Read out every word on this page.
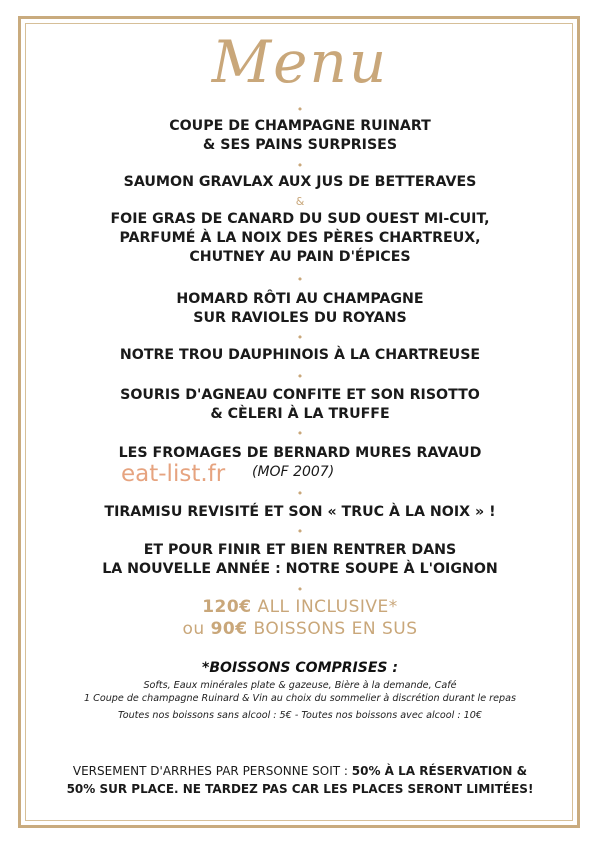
Menu
•
COUPE DE CHAMPAGNE RUINART
& SES PAINS SURPRISES
•
SAUMON GRAVLAX AUX JUS DE BETTERAVES
&
FOIE GRAS DE CANARD DU SUD OUEST MI-CUIT,
PARFUMÉ À LA NOIX DES PÈRES CHARTREUX,
CHUTNEY AU PAIN D'ÉPICES
•
HOMARD RÔTI AU CHAMPAGNE
SUR RAVIOLES DU ROYANS
•
NOTRE TROU DAUPHINOIS À LA CHARTREUSE
•
SOURIS D'AGNEAU CONFITE ET SON RISOTTO
& CÈLERI À LA TRUFFE
•
LES FROMAGES DE BERNARD MURES RAVAUD
(MOF 2007)
eat-list.fr
•
TIRAMISU REVISITÉ ET SON « TRUC À LA NOIX » !
•
ET POUR FINIR ET BIEN RENTRER DANS
LA NOUVELLE ANNÉE : NOTRE SOUPE À L'OIGNON
•
120€ ALL INCLUSIVE*
ou 90€ BOISSONS EN SUS
*BOISSONS COMPRISES :
Softs, Eaux minérales plate & gazeuse, Bière à la demande, Café
1 Coupe de champagne Ruinard & Vin au choix du sommelier à discrétion durant le repas
Toutes nos boissons sans alcool : 5€ - Toutes nos boissons avec alcool : 10€
VERSEMENT D'ARRHES PAR PERSONNE SOIT : 50% À LA RÉSERVATION &
50% SUR PLACE. NE TARDEZ PAS CAR LES PLACES SERONT LIMITÉES!
